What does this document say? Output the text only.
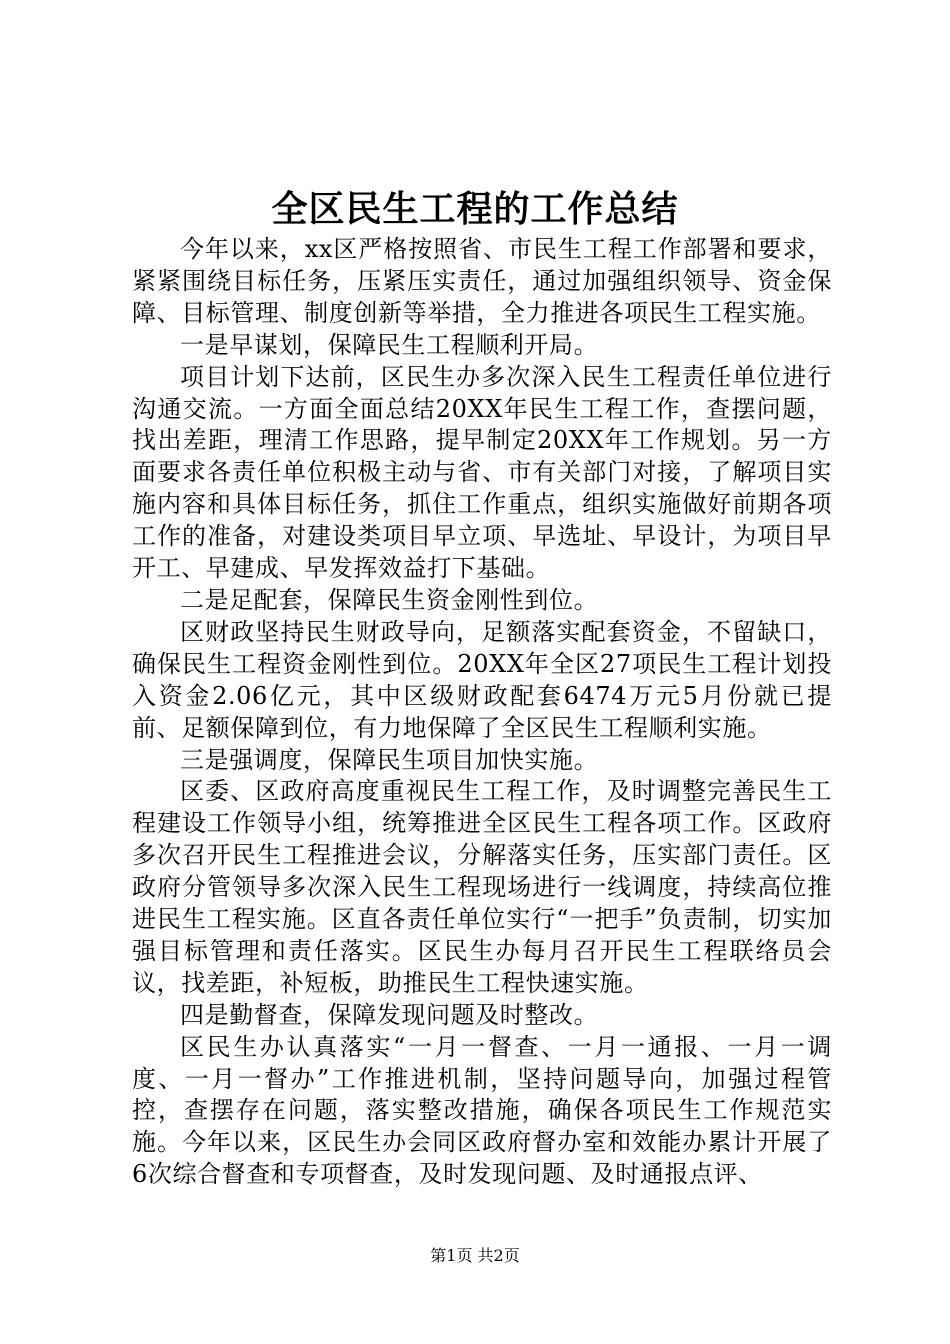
全区民生工程的工作总结

今年以来，xx区严格按照省、市民生工程工作部署和要求，紧紧围绕目标任务，压紧压实责任，通过加强组织领导、资金保障、目标管理、制度创新等举措，全力推进各项民生工程实施。

一是早谋划，保障民生工程顺利开局。

项目计划下达前，区民生办多次深入民生工程责任单位进行沟通交流。一方面全面总结20XX年民生工程工作，查摆问题，找出差距，理清工作思路，提早制定20XX年工作规划。另一方面要求各责任单位积极主动与省、市有关部门对接，了解项目实施内容和具体目标任务，抓住工作重点，组织实施做好前期各项工作的准备，对建设类项目早立项、早选址、早设计，为项目早开工、早建成、早发挥效益打下基础。

二是足配套，保障民生资金刚性到位。

区财政坚持民生财政导向，足额落实配套资金，不留缺口，确保民生工程资金刚性到位。20XX年全区27项民生工程计划投入资金2.06亿元，其中区级财政配套6474万元5月份就已提前、足额保障到位，有力地保障了全区民生工程顺利实施。

三是强调度，保障民生项目加快实施。

区委、区政府高度重视民生工程工作，及时调整完善民生工程建设工作领导小组，统筹推进全区民生工程各项工作。区政府多次召开民生工程推进会议，分解落实任务，压实部门责任。区政府分管领导多次深入民生工程现场进行一线调度，持续高位推进民生工程实施。区直各责任单位实行“一把手”负责制，切实加强目标管理和责任落实。区民生办每月召开民生工程联络员会议，找差距，补短板，助推民生工程快速实施。

四是勤督查，保障发现问题及时整改。

区民生办认真落实“一月一督查、一月一通报、一月一调度、一月一督办”工作推进机制，坚持问题导向，加强过程管控，查摆存在问题，落实整改措施，确保各项民生工作规范实施。今年以来，区民生办会同区政府督办室和效能办累计开展了6次综合督查和专项督查，及时发现问题、及时通报点评、

第1页 共2页
